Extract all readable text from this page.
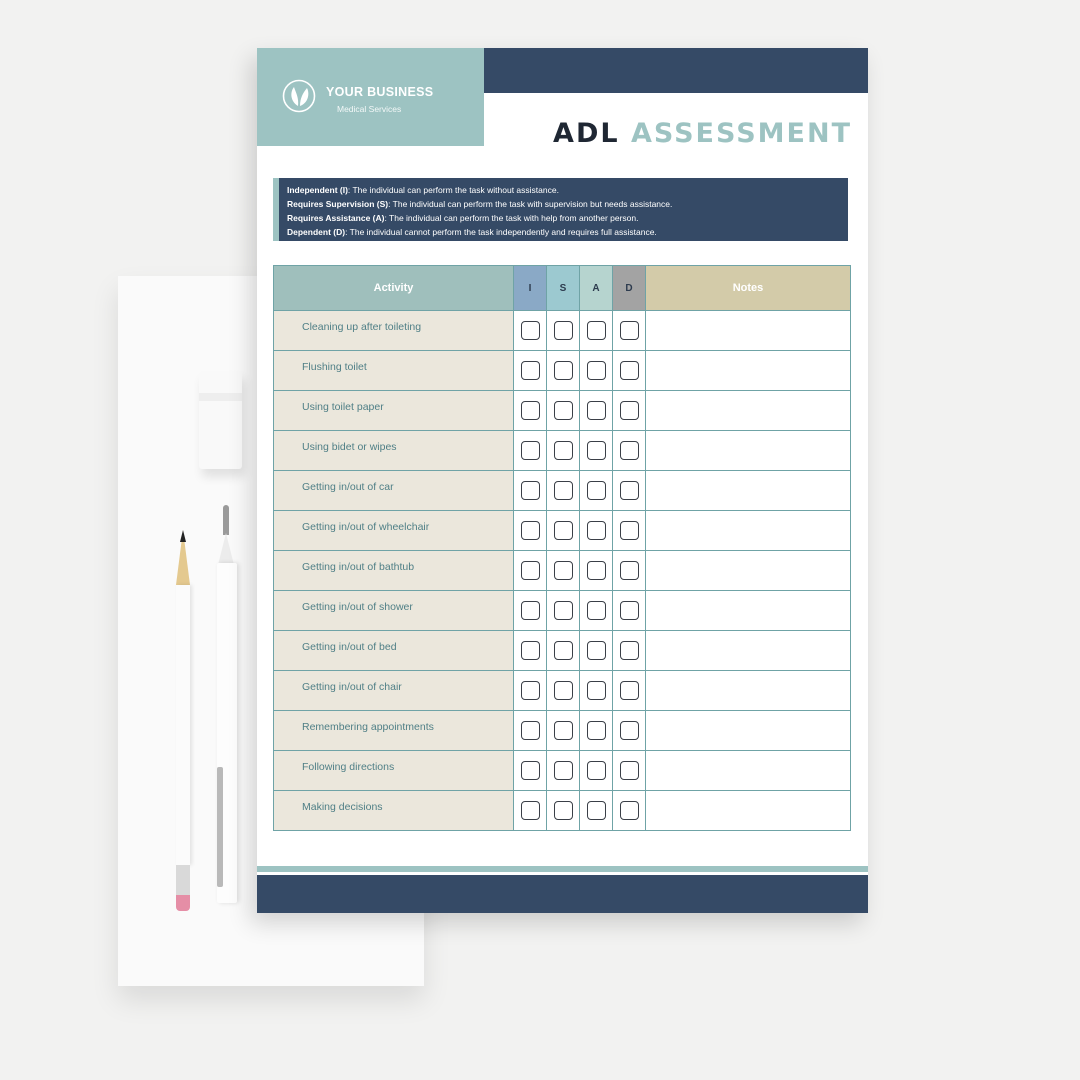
YOUR BUSINESS
Medical Services
ADL ASSESSMENT
Independent (I): The individual can perform the task without assistance.
Requires Supervision (S): The individual can perform the task with supervision but needs assistance.
Requires Assistance (A): The individual can perform the task with help from another person.
Dependent (D): The individual cannot perform the task independently and requires full assistance.
Activity	I	S	A	D	Notes
Cleaning up after toileting					
Flushing toilet					
Using toilet paper					
Using bidet or wipes					
Getting in/out of car					
Getting in/out of wheelchair					
Getting in/out of bathtub					
Getting in/out of shower					
Getting in/out of bed					
Getting in/out of chair					
Remembering appointments					
Following directions					
Making decisions					
